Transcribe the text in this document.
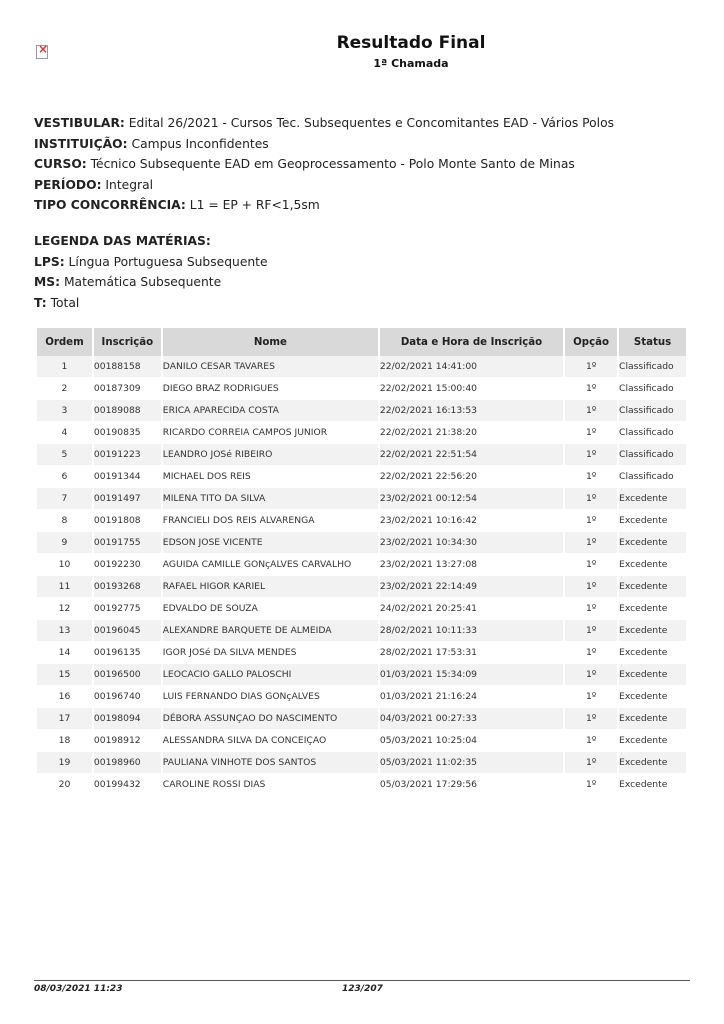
×
Resultado Final
1ª Chamada
VESTIBULAR: Edital 26/2021 - Cursos Tec. Subsequentes e Concomitantes EAD - Vários Polos
INSTITUIÇÃO: Campus Inconfidentes
CURSO: Técnico Subsequente EAD em Geoprocessamento - Polo Monte Santo de Minas
PERÍODO: Integral
TIPO CONCORRÊNCIA: L1 = EP + RF<1,5sm
LEGENDA DAS MATÉRIAS:
LPS: Língua Portuguesa Subsequente
MS: Matemática Subsequente
T: Total
Ordem	Inscrição	Nome	Data e Hora de Inscrição	Opção	Status
1	00188158	DANILO CESAR TAVARES	22/02/2021 14:41:00	1º	Classificado
2	00187309	DIEGO BRAZ RODRIGUES	22/02/2021 15:00:40	1º	Classificado
3	00189088	ERICA APARECIDA COSTA	22/02/2021 16:13:53	1º	Classificado
4	00190835	RICARDO CORREIA CAMPOS JUNIOR	22/02/2021 21:38:20	1º	Classificado
5	00191223	LEANDRO JOSé RIBEIRO	22/02/2021 22:51:54	1º	Classificado
6	00191344	MICHAEL DOS REIS	22/02/2021 22:56:20	1º	Classificado
7	00191497	MILENA TITO DA SILVA	23/02/2021 00:12:54	1º	Excedente
8	00191808	FRANCIELI DOS REIS ALVARENGA	23/02/2021 10:16:42	1º	Excedente
9	00191755	EDSON JOSE VICENTE	23/02/2021 10:34:30	1º	Excedente
10	00192230	AGUIDA CAMILLE GONçALVES CARVALHO	23/02/2021 13:27:08	1º	Excedente
11	00193268	RAFAEL HIGOR KARIEL	23/02/2021 22:14:49	1º	Excedente
12	00192775	EDVALDO DE SOUZA	24/02/2021 20:25:41	1º	Excedente
13	00196045	ALEXANDRE BARQUETE DE ALMEIDA	28/02/2021 10:11:33	1º	Excedente
14	00196135	IGOR JOSé DA SILVA MENDES	28/02/2021 17:53:31	1º	Excedente
15	00196500	LEOCACIO GALLO PALOSCHI	01/03/2021 15:34:09	1º	Excedente
16	00196740	LUIS FERNANDO DIAS GONçALVES	01/03/2021 21:16:24	1º	Excedente
17	00198094	DÉBORA ASSUNÇAO DO NASCIMENTO	04/03/2021 00:27:33	1º	Excedente
18	00198912	ALESSANDRA SILVA DA CONCEIÇAO	05/03/2021 10:25:04	1º	Excedente
19	00198960	PAULIANA VINHOTE DOS SANTOS	05/03/2021 11:02:35	1º	Excedente
20	00199432	CAROLINE ROSSI DIAS	05/03/2021 17:29:56	1º	Excedente
08/03/2021 11:23	123/207
